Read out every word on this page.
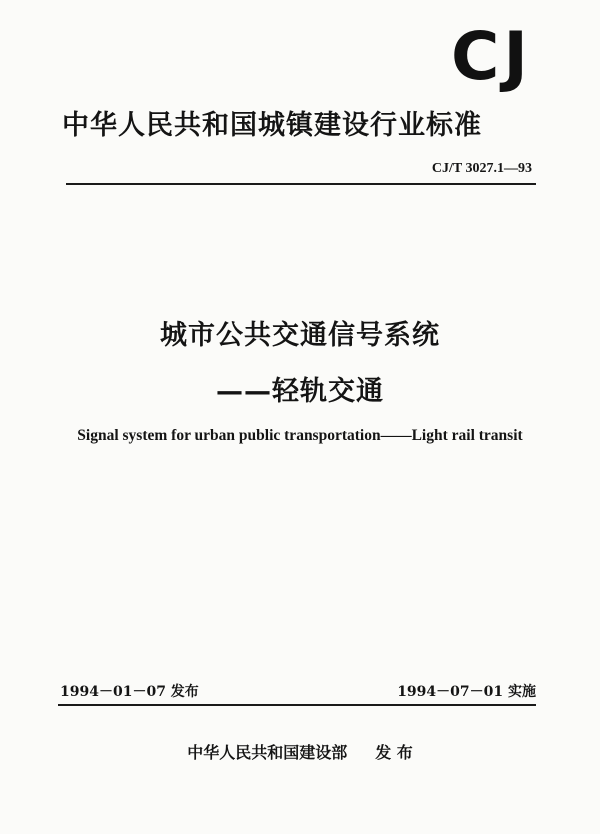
CJ
中华人民共和国城镇建设行业标准
CJ/T 3027.1—93
城市公共交通信号系统
——轻轨交通
Signal system for urban public transportation——Light rail transit
1994－01－07 发布	1994－07－01 实施
中华人民共和国建设部 发 布
